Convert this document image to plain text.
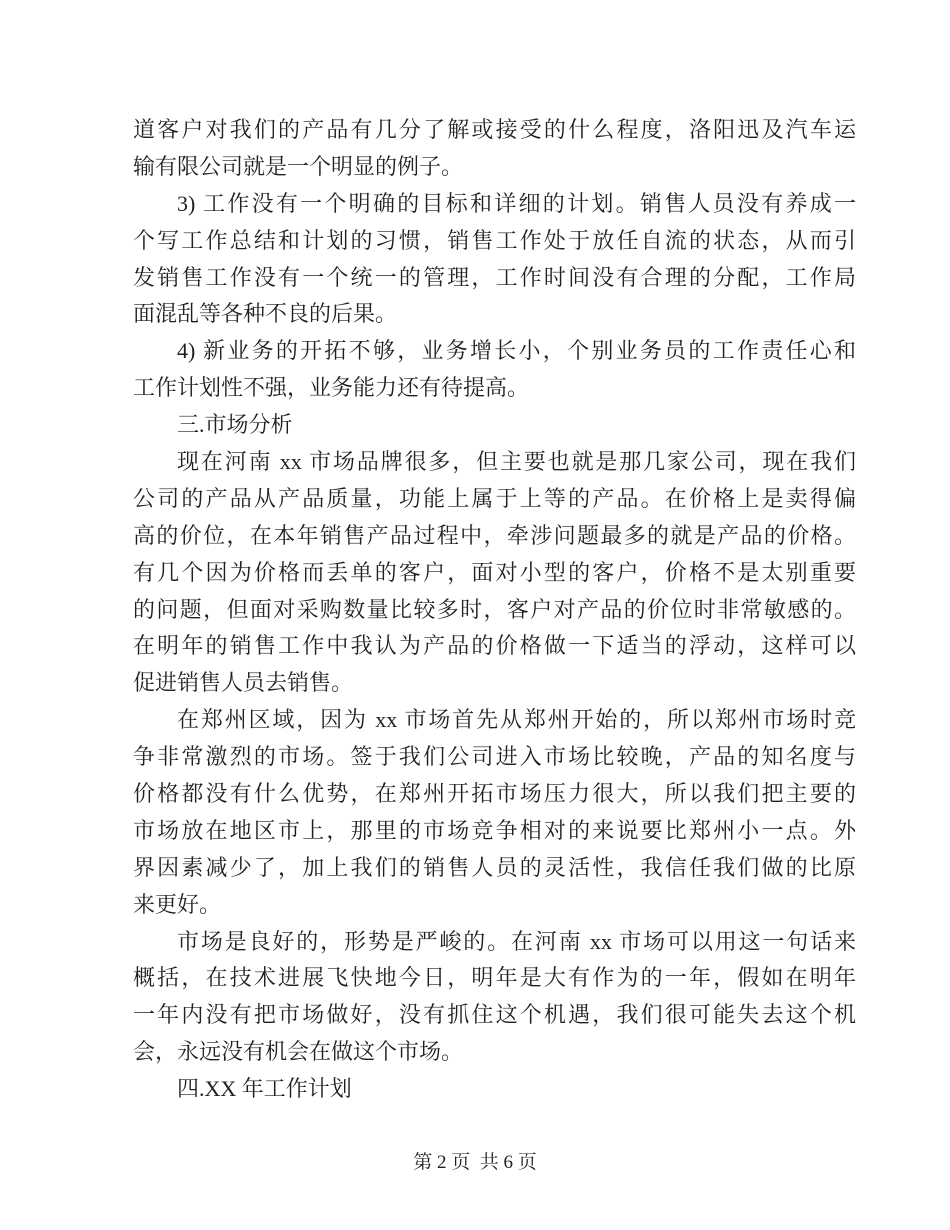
道客户对我们的产品有几分了解或接受的什么程度，洛阳迅及汽车运
输有限公司就是一个明显的例子。
3) 工作没有一个明确的目标和详细的计划。销售人员没有养成一
个写工作总结和计划的习惯，销售工作处于放任自流的状态，从而引
发销售工作没有一个统一的管理，工作时间没有合理的分配，工作局
面混乱等各种不良的后果。
4) 新业务的开拓不够，业务增长小，个别业务员的工作责任心和
工作计划性不强，业务能力还有待提高。
三.市场分析
现在河南 xx 市场品牌很多，但主要也就是那几家公司，现在我们
公司的产品从产品质量，功能上属于上等的产品。在价格上是卖得偏
高的价位，在本年销售产品过程中，牵涉问题最多的就是产品的价格。
有几个因为价格而丢单的客户，面对小型的客户，价格不是太别重要
的问题，但面对采购数量比较多时，客户对产品的价位时非常敏感的。
在明年的销售工作中我认为产品的价格做一下适当的浮动，这样可以
促进销售人员去销售。
在郑州区域，因为 xx 市场首先从郑州开始的，所以郑州市场时竞
争非常激烈的市场。签于我们公司进入市场比较晚，产品的知名度与
价格都没有什么优势，在郑州开拓市场压力很大，所以我们把主要的
市场放在地区市上，那里的市场竞争相对的来说要比郑州小一点。外
界因素减少了，加上我们的销售人员的灵活性，我信任我们做的比原
来更好。
市场是良好的，形势是严峻的。在河南 xx 市场可以用这一句话来
概括，在技术进展飞快地今日，明年是大有作为的一年，假如在明年
一年内没有把市场做好，没有抓住这个机遇，我们很可能失去这个机
会，永远没有机会在做这个市场。
四.XX 年工作计划
第 2 页  共 6 页
